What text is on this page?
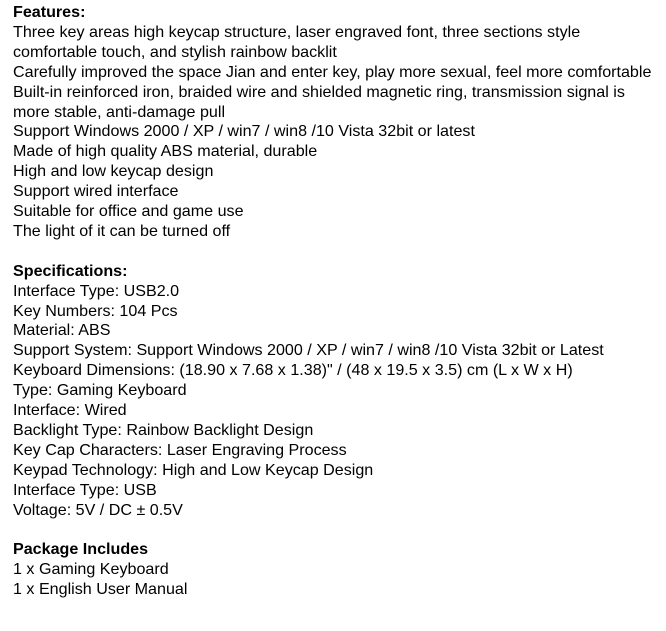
Features:
Three key areas high keycap structure, laser engraved font, three sections style comfortable touch, and stylish rainbow backlit
Carefully improved the space Jian and enter key, play more sexual, feel more comfortable
Built-in reinforced iron, braided wire and shielded magnetic ring, transmission signal is more stable, anti-damage pull
Support Windows 2000 / XP / win7 / win8 /10 Vista 32bit or latest
Made of high quality ABS material, durable
High and low keycap design
Support wired interface
Suitable for office and game use
The light of it can be turned off
Specifications:
Interface Type: USB2.0
Key Numbers: 104 Pcs
Material: ABS
Support System: Support Windows 2000 / XP / win7 / win8 /10 Vista 32bit or Latest
Keyboard Dimensions: (18.90 x 7.68 x 1.38)" / (48 x 19.5 x 3.5) cm (L x W x H)
Type: Gaming Keyboard
Interface: Wired
Backlight Type: Rainbow Backlight Design
Key Cap Characters: Laser Engraving Process
Keypad Technology: High and Low Keycap Design
Interface Type: USB
Voltage: 5V / DC ± 0.5V
Package Includes
1 x Gaming Keyboard
1 x English User Manual
